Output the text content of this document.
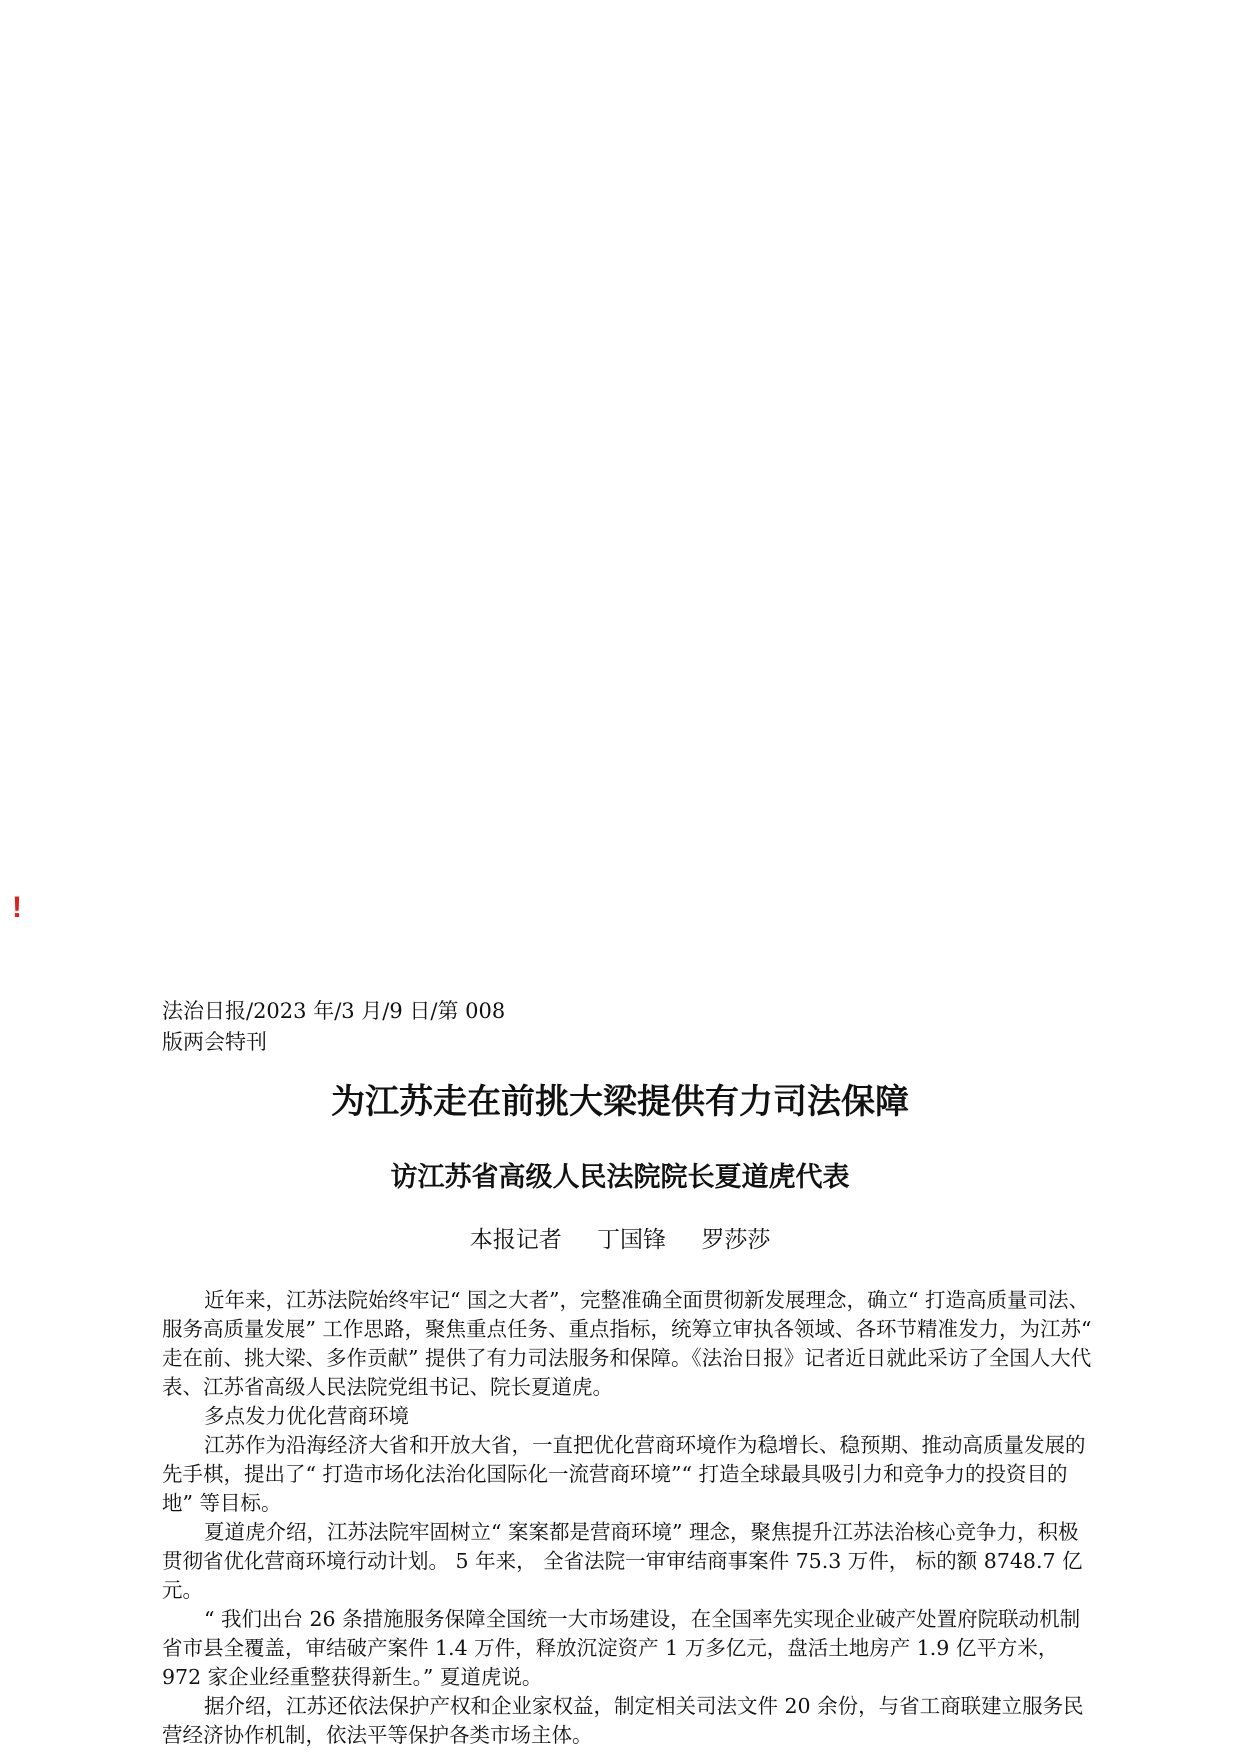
!
法治日报/2023 年/3 月/9 日/第 008
版两会特刊
为江苏走在前挑大梁提供有力司法保障
访江苏省高级人民法院院长夏道虎代表
本报记者 丁国锋 罗莎莎

近年来，江苏法院始终牢记“ 国之大者”，完整准确全面贯彻新发展理念，确立“ 打造高质量司法、服务高质量发展” 工作思路，聚焦重点任务、重点指标，统筹立审执各领域、各环节精准发力，为江苏“ 走在前、挑大梁、多作贡献” 提供了有力司法服务和保障。《法治日报》记者近日就此采访了全国人大代表、江苏省高级人民法院党组书记、院长夏道虎。

多点发力优化营商环境

江苏作为沿海经济大省和开放大省，一直把优化营商环境作为稳增长、稳预期、推动高质量发展的先手棋，提出了“ 打造市场化法治化国际化一流营商环境”“ 打造全球最具吸引力和竞争力的投资目的地” 等目标。

夏道虎介绍，江苏法院牢固树立“ 案案都是营商环境” 理念，聚焦提升江苏法治核心竞争力，积极贯彻省优化营商环境行动计划。 5 年来， 全省法院一审审结商事案件 75.3 万件， 标的额 8748.7 亿元。

“ 我们出台 26 条措施服务保障全国统一大市场建设，在全国率先实现企业破产处置府院联动机制省市县全覆盖，审结破产案件 1.4 万件，释放沉淀资产 1 万多亿元，盘活土地房产 1.9 亿平方米，972 家企业经重整获得新生。” 夏道虎说。

据介绍，江苏还依法保护产权和企业家权益，制定相关司法文件 20 余份，与省工商联建立服务民营经济协作机制，依法平等保护各类市场主体。
